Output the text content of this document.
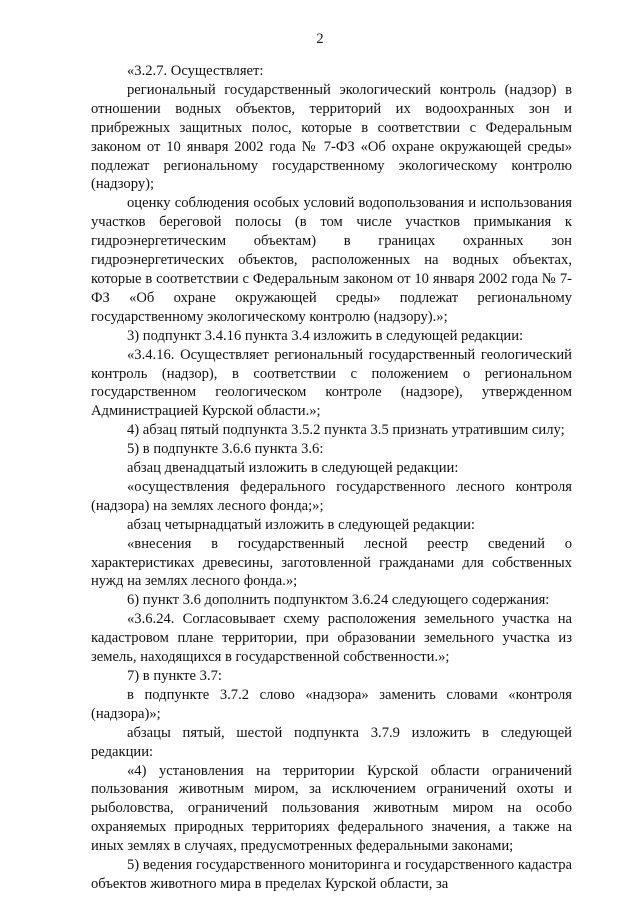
2

«3.2.7. Осуществляет:

региональный государственный экологический контроль (надзор) в отношении водных объектов, территорий их водоохранных зон и прибрежных защитных полос, которые в соответствии с Федеральным законом от 10 января 2002 года № 7-ФЗ «Об охране окружающей среды» подлежат региональному государственному экологическому контролю (надзору);

оценку соблюдения особых условий водопользования и использования участков береговой полосы (в том числе участков примыкания к гидроэнергетическим объектам) в границах охранных зон гидроэнергетических объектов, расположенных на водных объектах, которые в соответствии с Федеральным законом от 10 января 2002 года № 7-ФЗ «Об охране окружающей среды» подлежат региональному государственному экологическому контролю (надзору).»;

3) подпункт 3.4.16 пункта 3.4 изложить в следующей редакции:

«3.4.16. Осуществляет региональный государственный геологический контроль (надзор), в соответствии с положением о региональном государственном геологическом контроле (надзоре), утвержденном Администрацией Курской области.»;

4) абзац пятый подпункта 3.5.2 пункта 3.5 признать утратившим силу;

5) в подпункте 3.6.6 пункта 3.6:

абзац двенадцатый изложить в следующей редакции:

«осуществления федерального государственного лесного контроля (надзора) на землях лесного фонда;»;

абзац четырнадцатый изложить в следующей редакции:

«внесения в государственный лесной реестр сведений о характеристиках древесины, заготовленной гражданами для собственных нужд на землях лесного фонда.»;

6) пункт 3.6 дополнить подпунктом 3.6.24 следующего содержания:

«3.6.24. Согласовывает схему расположения земельного участка на кадастровом плане территории, при образовании земельного участка из земель, находящихся в государственной собственности.»;

7) в пункте 3.7:

в подпункте 3.7.2 слово «надзора» заменить словами «контроля (надзора)»;

абзацы пятый, шестой подпункта 3.7.9 изложить в следующей редакции:

«4) установления на территории Курской области ограничений пользования животным миром, за исключением ограничений охоты и рыболовства, ограничений пользования животным миром на особо охраняемых природных территориях федерального значения, а также на иных землях в случаях, предусмотренных федеральными законами;

5) ведения государственного мониторинга и государственного кадастра объектов животного мира в пределах Курской области, за
